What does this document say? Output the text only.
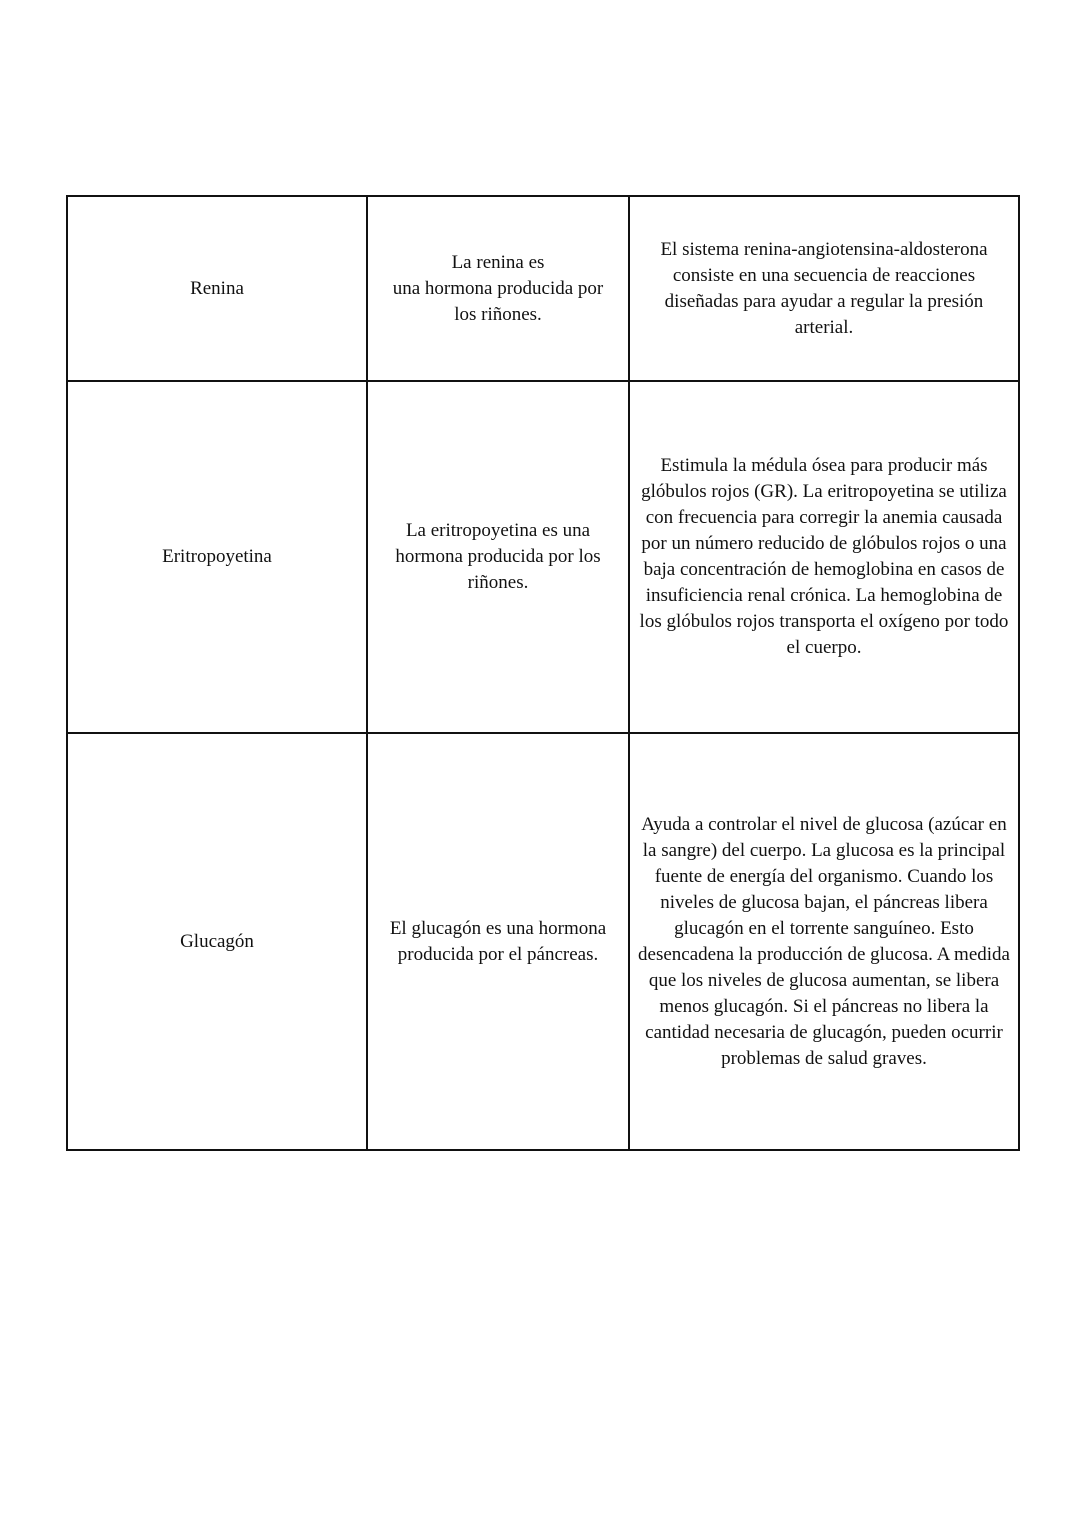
Renina	La renina es
una hormona producida por
los riñones.	El sistema renina-angiotensina-aldosterona consiste en una secuencia de reacciones diseñadas para ayudar a regular la presión arterial.

Eritropoyetina	La eritropoyetina es una hormona producida por los riñones.	Estimula la médula ósea para producir más glóbulos rojos (GR). La eritropoyetina se utiliza con frecuencia para corregir la anemia causada por un número reducido de glóbulos rojos o una baja concentración de hemoglobina en casos de insuficiencia renal crónica. La hemoglobina de los glóbulos rojos transporta el oxígeno por todo el cuerpo.

Glucagón	El glucagón es una hormona producida por el páncreas.	Ayuda a controlar el nivel de glucosa (azúcar en la sangre) del cuerpo. La glucosa es la principal fuente de energía del organismo. Cuando los niveles de glucosa bajan, el páncreas libera glucagón en el torrente sanguíneo. Esto desencadena la producción de glucosa. A medida que los niveles de glucosa aumentan, se libera menos glucagón. Si el páncreas no libera la cantidad necesaria de glucagón, pueden ocurrir problemas de salud graves.
